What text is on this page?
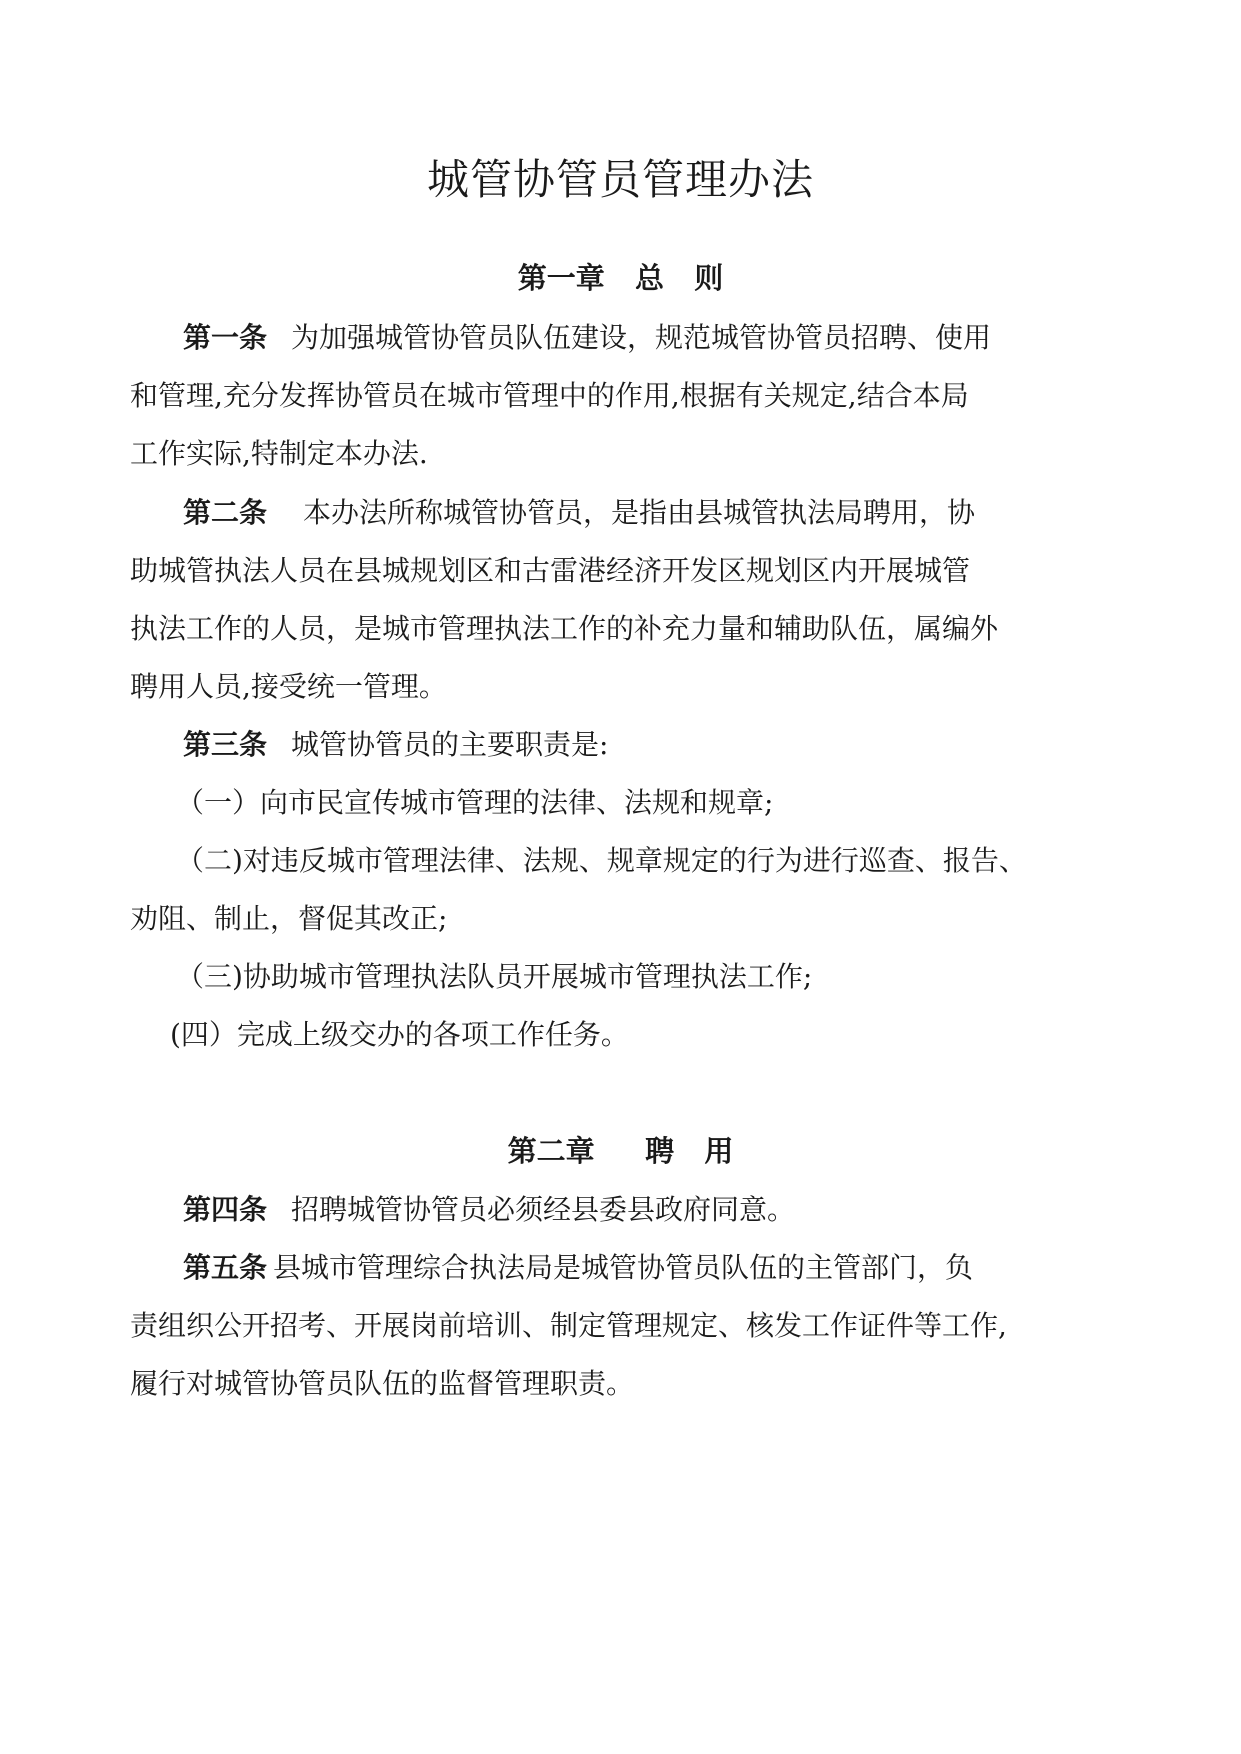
城管协管员管理办法
第一章   总   则
第一条 为加强城管协管员队伍建设，规范城管协管员招聘、使用
和管理,充分发挥协管员在城市管理中的作用,根据有关规定,结合本局
工作实际,特制定本办法.
第二条 本办法所称城管协管员，是指由县城管执法局聘用，协
助城管执法人员在县城规划区和古雷港经济开发区规划区内开展城管
执法工作的人员，是城市管理执法工作的补充力量和辅助队伍，属编外
聘用人员,接受统一管理。
第三条 城管协管员的主要职责是:
（一）向市民宣传城市管理的法律、法规和规章;
（二)对违反城市管理法律、法规、规章规定的行为进行巡查、报告、
劝阻、制止，督促其改正;
（三)协助城市管理执法队员开展城市管理执法工作;
(四）完成上级交办的各项工作任务。
第二章     聘   用
第四条 招聘城管协管员必须经县委县政府同意。
第五条 县城市管理综合执法局是城管协管员队伍的主管部门，负
责组织公开招考、开展岗前培训、制定管理规定、核发工作证件等工作,
履行对城管协管员队伍的监督管理职责。
